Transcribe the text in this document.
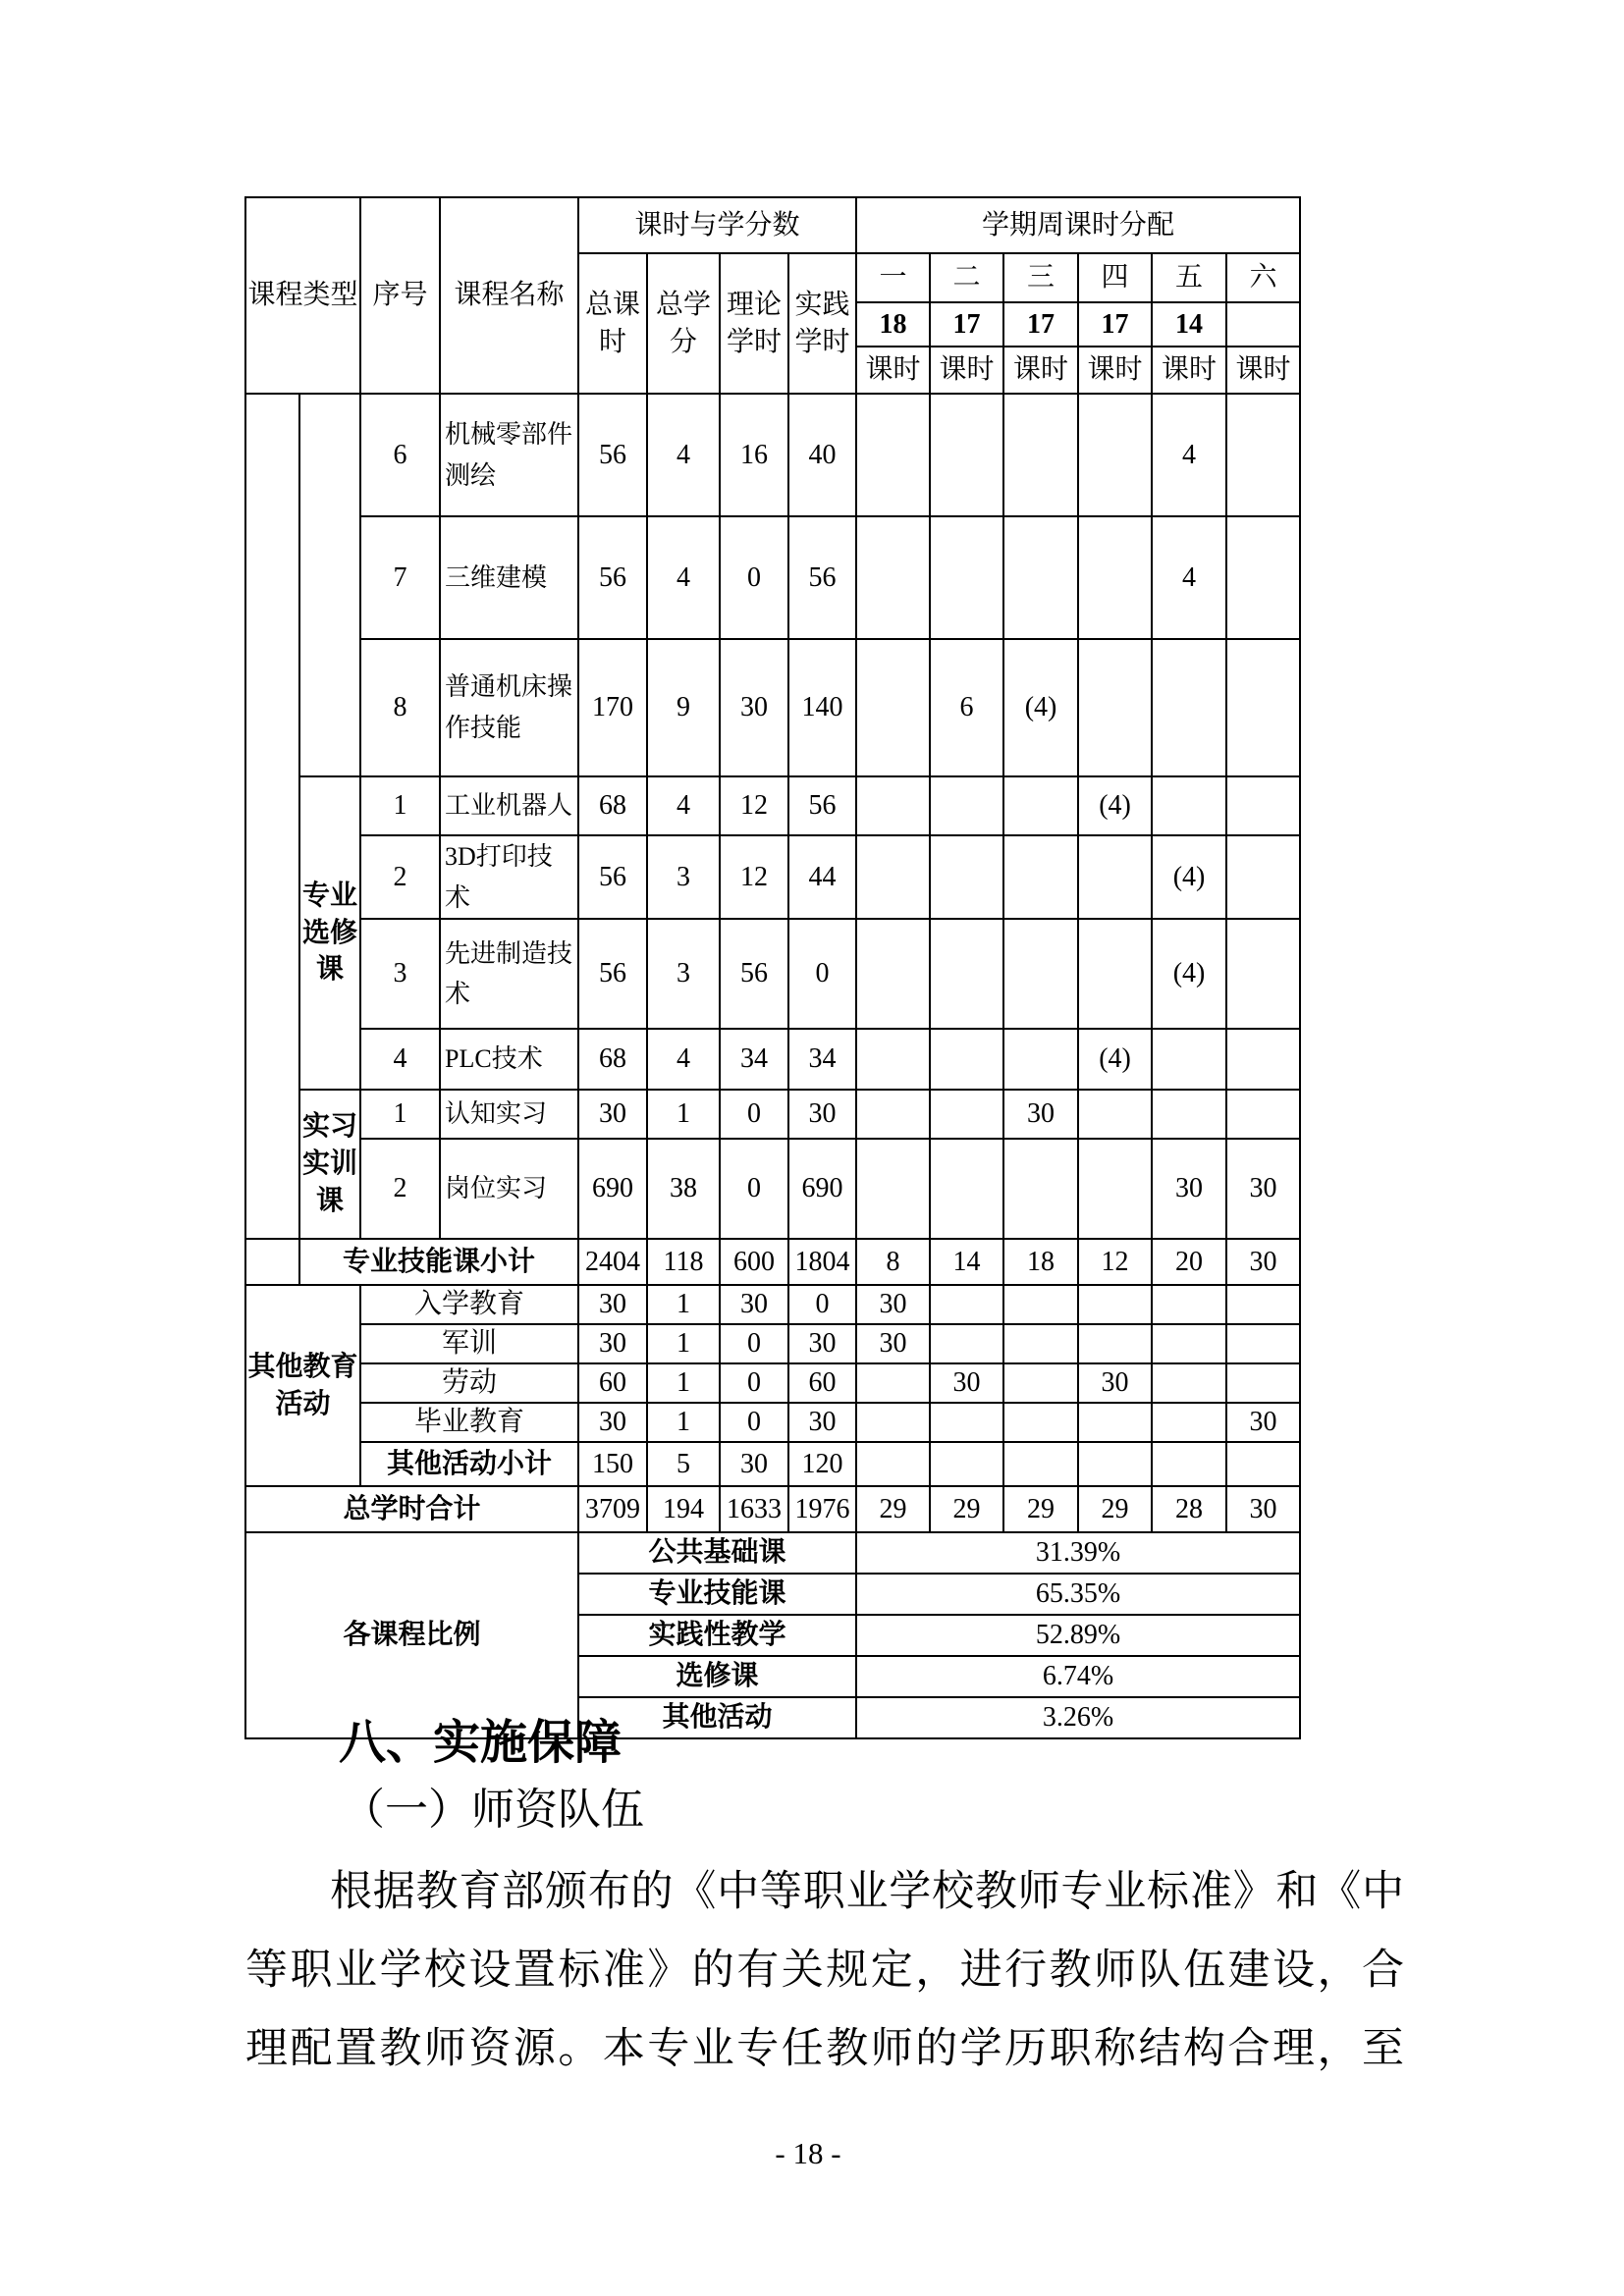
课程类型		序号	课程名称	课时与学分数				学期周课时分配					
				总课时	总学分	理论学时	实践学时	一	二	三	四	五	六
								18	17	17	17	14	
								课时	课时	课时	课时	课时	课时
		6	机械零部件测绘	56	4	16	40					4	
		7	三维建模	56	4	0	56					4	
		8	普通机床操作技能	170	9	30	140		6	(4)			
	专业选修课	1	工业机器人	68	4	12	56				(4)		
		2	3D打印技术	56	3	12	44					(4)	
		3	先进制造技术	56	3	56	0					(4)	
		4	PLC技术	68	4	34	34				(4)		
	实习实训课	1	认知实习	30	1	0	30			30			
		2	岗位实习	690	38	0	690					30	30
	专业技能课小计			2404	118	600	1804	8	14	18	12	20	30
其他教育活动		入学教育		30	1	30	0	30					
		军训		30	1	0	30	30					
		劳动		60	1	0	60		30		30		
		毕业教育		30	1	0	30						30
		其他活动小计		150	5	30	120						
总学时合计				3709	194	1633	1976	29	29	29	29	28	30
各课程比例				公共基础课				31.39%					
				专业技能课				65.35%					
				实践性教学				52.89%					
				选修课				6.74%					
				其他活动				3.26%					
八、实施保障
（一）师资队伍
根据教育部颁布的《中等职业学校教师专业标准》和《中
等职业学校设置标准》的有关规定，进行教师队伍建设，合
理配置教师资源。本专业专任教师的学历职称结构合理，至
- 18 -
